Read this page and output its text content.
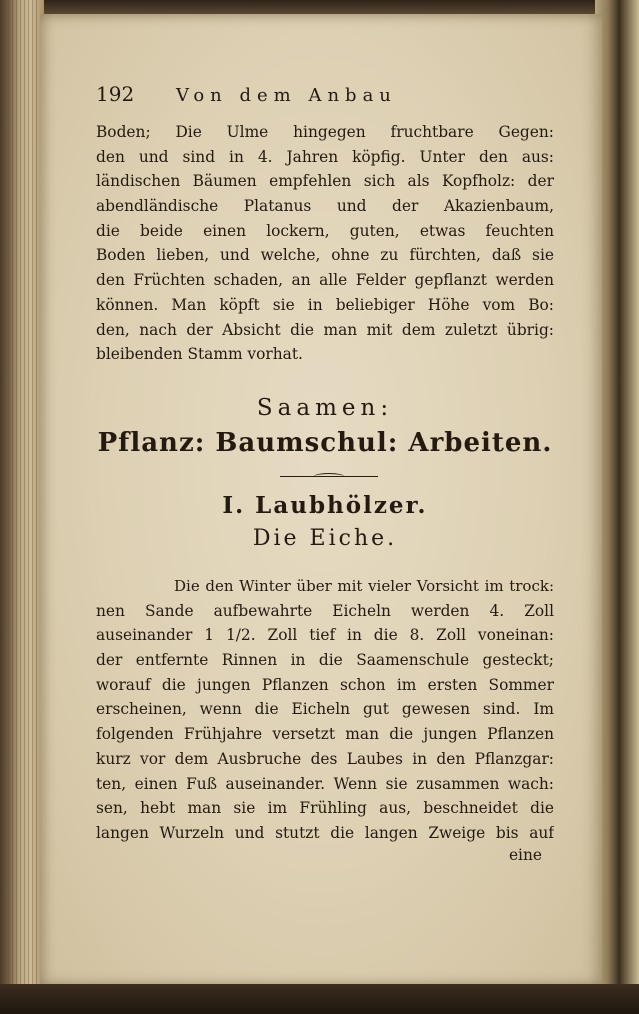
192	Von dem Anbau
Boden; Die Ulme hingegen fruchtbare Gegen:
den und sind in 4. Jahren köpfig. Unter den aus:
ländischen Bäumen empfehlen sich als Kopfholz: der
abendländische Platanus und der Akazienbaum,
die beide einen lockern, guten, etwas feuchten
Boden lieben, und welche, ohne zu fürchten, daß sie
den Früchten schaden, an alle Felder gepflanzt werden
können. Man köpft sie in beliebiger Höhe vom Bo:
den, nach der Absicht die man mit dem zuletzt übrig:
bleibenden Stamm vorhat.
Saamen:
Pflanz: Baumschul: Arbeiten.
I. Laubhölzer.
Die Eiche.
Die den Winter über mit vieler Vorsicht im trock:
nen Sande aufbewahrte Eicheln werden 4. Zoll
auseinander 1 1/2. Zoll tief in die 8. Zoll voneinan:
der entfernte Rinnen in die Saamenschule gesteckt;
worauf die jungen Pflanzen schon im ersten Sommer
erscheinen, wenn die Eicheln gut gewesen sind. Im
folgenden Frühjahre versetzt man die jungen Pflanzen
kurz vor dem Ausbruche des Laubes in den Pflanzgar:
ten, einen Fuß auseinander. Wenn sie zusammen wach:
sen, hebt man sie im Frühling aus, beschneidet die
langen Wurzeln und stutzt die langen Zweige bis auf
eine
